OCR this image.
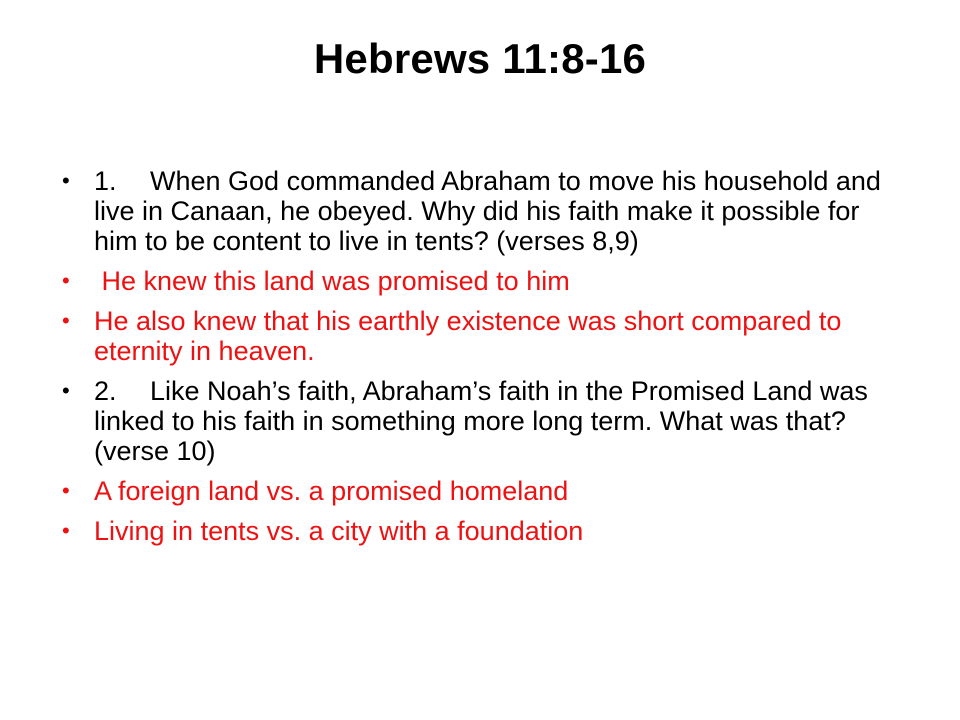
Hebrews 11:8-16
• 1. When God commanded Abraham to move his household and live in Canaan, he obeyed. Why did his faith make it possible for him to be content to live in tents? (verses 8,9)
• He knew this land was promised to him
• He also knew that his earthly existence was short compared to eternity in heaven.
• 2. Like Noah’s faith, Abraham’s faith in the Promised Land was linked to his faith in something more long term. What was that? (verse 10)
• A foreign land vs. a promised homeland
• Living in tents vs. a city with a foundation
